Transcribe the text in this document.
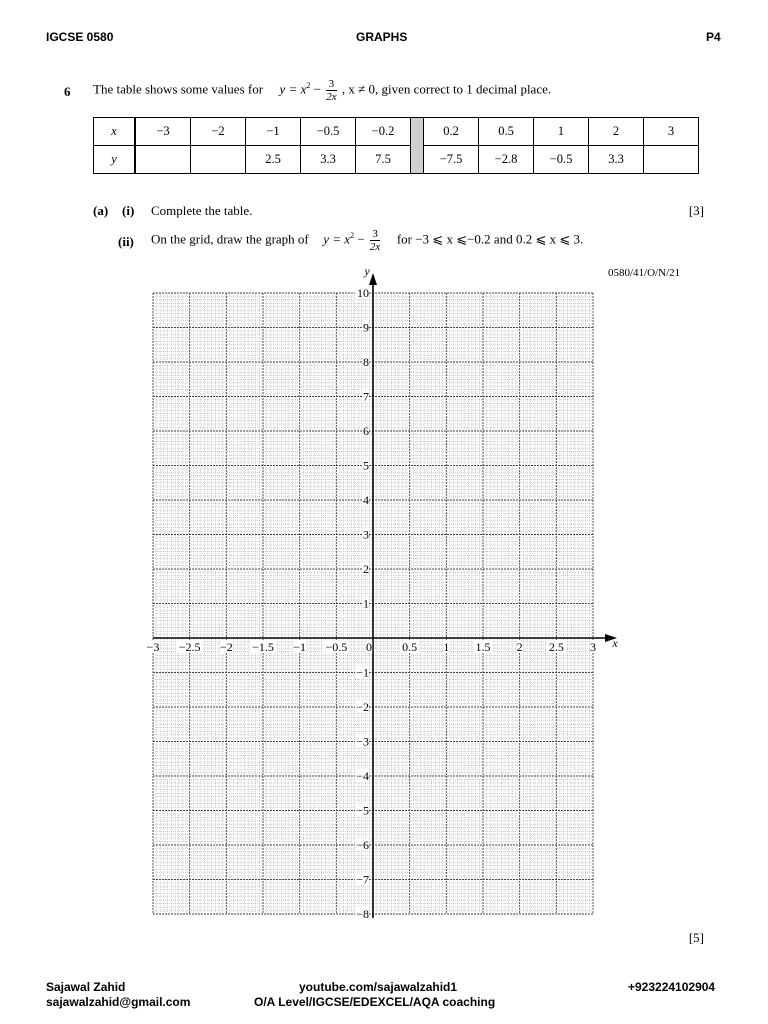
IGCSE 0580	GRAPHS	P4
6 The table shows some values for $y = x^2 - \frac{3}{2x}$ , x ≠ 0, given correct to 1 decimal place.
x	−3	−2	−1	−0.5	−0.2		0.2	0.5	1	2	3
y			2.5	3.3	7.5		−7.5	−2.8	−0.5	3.3	
(a) (i) Complete the table.	[3]
(ii) On the grid, draw the graph of $y = x^2 - \frac{3}{2x}$ for −3 ⩽ x ⩽−0.2 and 0.2 ⩽ x ⩽ 3.
0580/41/O/N/21
x
y
−3 −2.5 −2 −1.5 −1 −0.5 0	0.5 1 1.5 2 2.5 3
10
9
8
7
6
5
4
3
2
1
−1
−2
−3
−4
−5
−6
−7
−8
[5]
Sajawal Zahid
sajawalzahid@gmail.com
youtube.com/sajawalzahid1
O/A Level/IGCSE/EDEXCEL/AQA coaching
+923224102904
